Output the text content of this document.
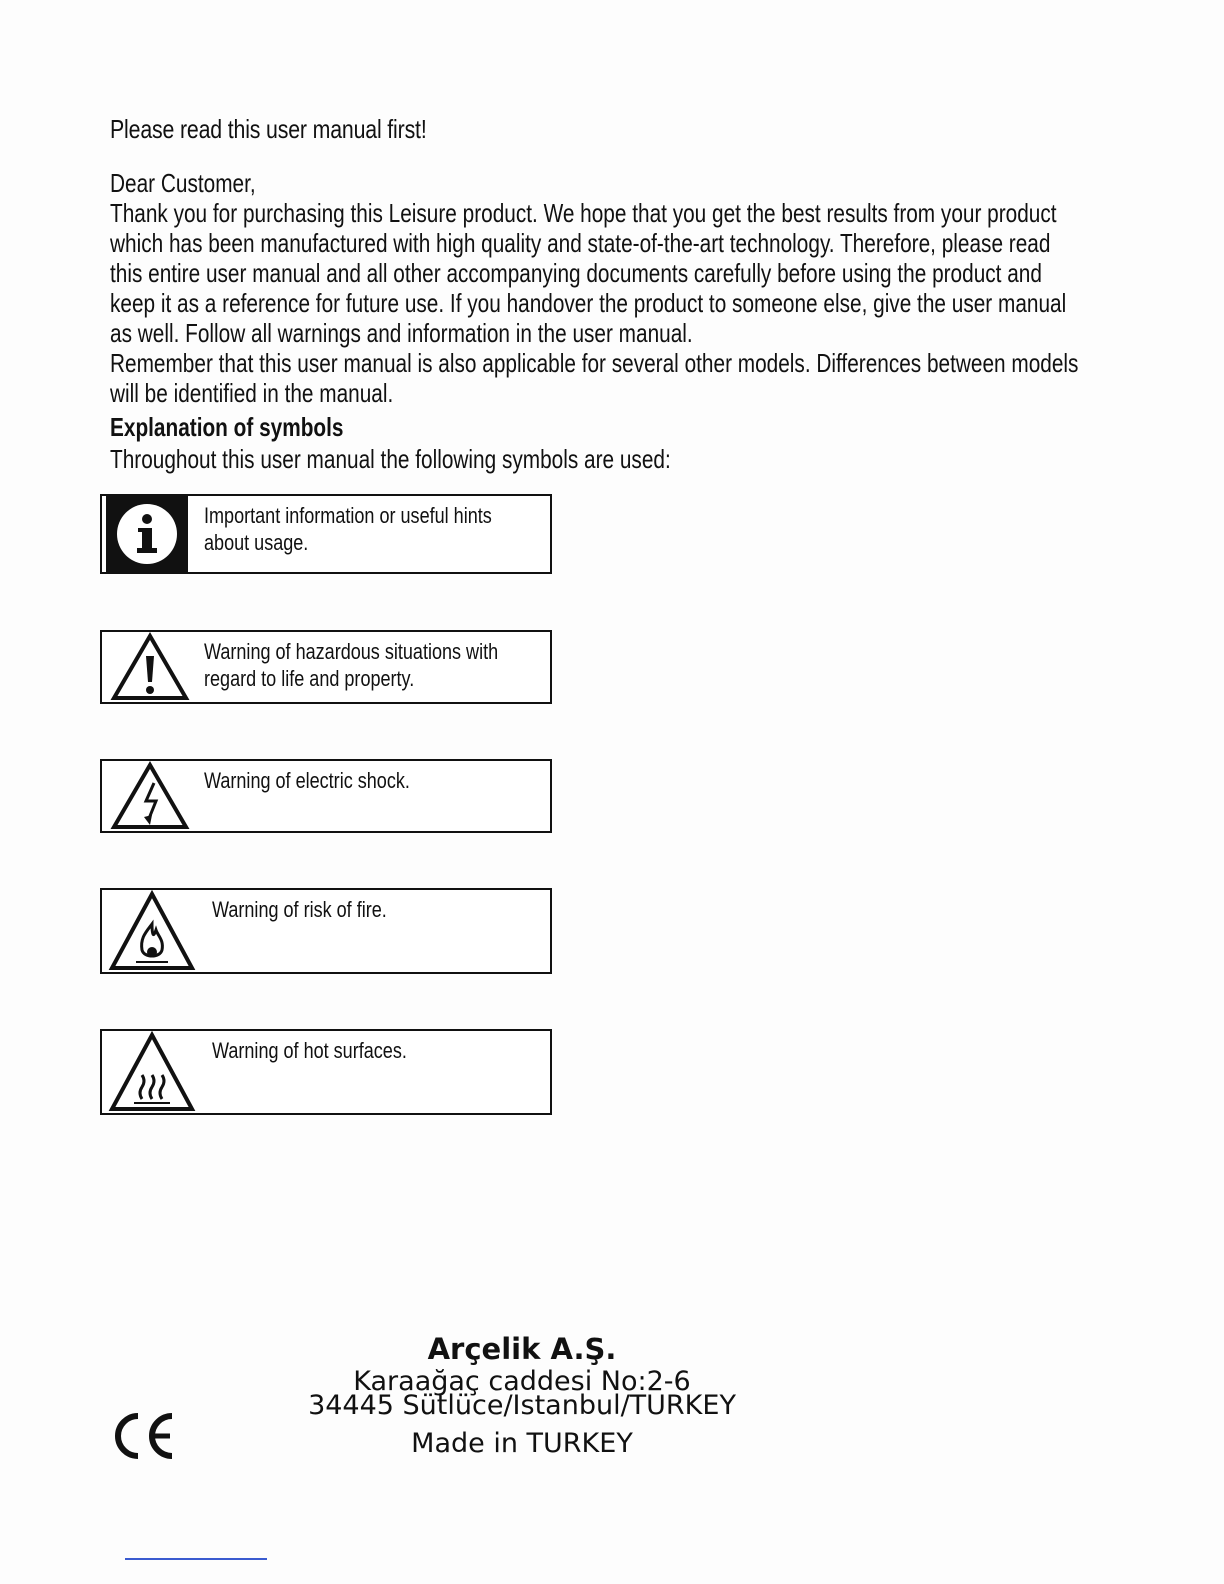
Please read this user manual first!
Dear Customer,
Thank you for purchasing this Leisure product. We hope that you get the best results from your product
which has been manufactured with high quality and state-of-the-art technology. Therefore, please read
this entire user manual and all other accompanying documents carefully before using the product and
keep it as a reference for future use. If you handover the product to someone else, give the user manual
as well. Follow all warnings and information in the user manual.
Remember that this user manual is also applicable for several other models. Differences between models
will be identified in the manual.
Explanation of symbols
Throughout this user manual the following symbols are used:
Important information or useful hints
about usage.
Warning of hazardous situations with
regard to life and property.
Warning of electric shock.
Warning of risk of fire.
Warning of hot surfaces.
Arçelik A.Ş.
Karaağaç caddesi No:2-6
34445 Sütlüce/Istanbul/TURKEY
Made in TURKEY
